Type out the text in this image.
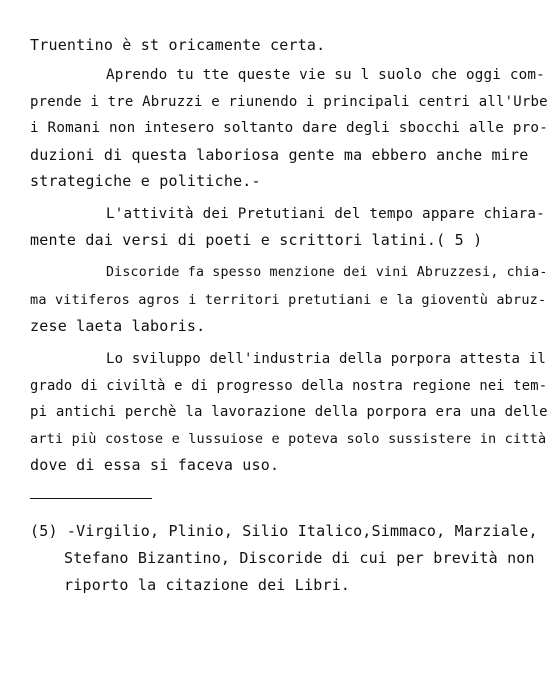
Truentino è st oricamente certa.

Aprendo tu tte queste vie su l suolo che oggi com-

prende i tre Abruzzi e riunendo i principali centri all'Urbe

i Romani non intesero soltanto dare degli sbocchi alle pro-

duzioni di questa laboriosa gente ma ebbero anche mire

strategiche e politiche.-

L'attività dei Pretutiani del tempo appare chiara-

mente dai versi di poeti e scrittori latini.( 5 )

Discoride fa spesso menzione dei vini Abruzzesi, chia-

ma vitiferos agros i territori pretutiani e la gioventù abruz-

zese laeta laboris.

Lo sviluppo dell'industria della porpora attesta il

grado di civiltà e di progresso della nostra regione nei tem-

pi antichi perchè la lavorazione della porpora era una delle

arti più costose e lussuiose e poteva solo sussistere in città

dove di essa si faceva uso.

(5) -Virgilio, Plinio, Silio Italico,Simmaco, Marziale,

Stefano Bizantino, Discoride di cui per brevità non

riporto la citazione dei Libri.
